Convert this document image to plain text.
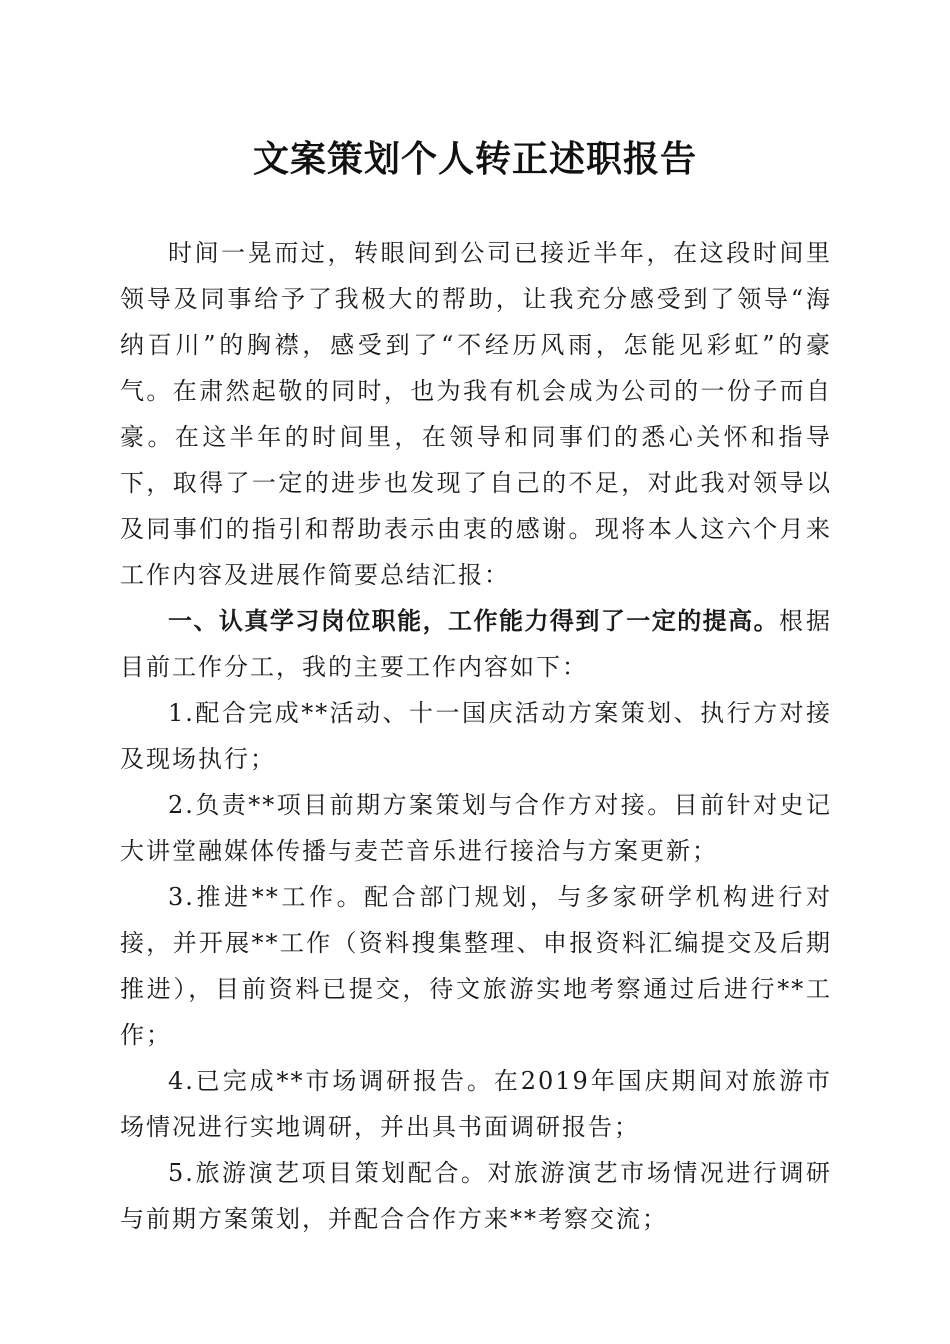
文案策划个人转正述职报告

时间一晃而过，转眼间到公司已接近半年，在这段时间里领导及同事给予了我极大的帮助，让我充分感受到了领导“海纳百川”的胸襟，感受到了“不经历风雨，怎能见彩虹”的豪气。在肃然起敬的同时，也为我有机会成为公司的一份子而自豪。在这半年的时间里，在领导和同事们的悉心关怀和指导下，取得了一定的进步也发现了自己的不足，对此我对领导以及同事们的指引和帮助表示由衷的感谢。现将本人这六个月来工作内容及进展作简要总结汇报：

一、认真学习岗位职能，工作能力得到了一定的提高。根据目前工作分工，我的主要工作内容如下：

1.配合完成**活动、十一国庆活动方案策划、执行方对接及现场执行；

2.负责**项目前期方案策划与合作方对接。目前针对史记大讲堂融媒体传播与麦芒音乐进行接洽与方案更新；

3.推进**工作。配合部门规划，与多家研学机构进行对接，并开展**工作（资料搜集整理、申报资料汇编提交及后期推进），目前资料已提交，待文旅游实地考察通过后进行**工作；

4.已完成**市场调研报告。在2019年国庆期间对旅游市场情况进行实地调研，并出具书面调研报告；

5.旅游演艺项目策划配合。对旅游演艺市场情况进行调研与前期方案策划，并配合合作方来**考察交流；
